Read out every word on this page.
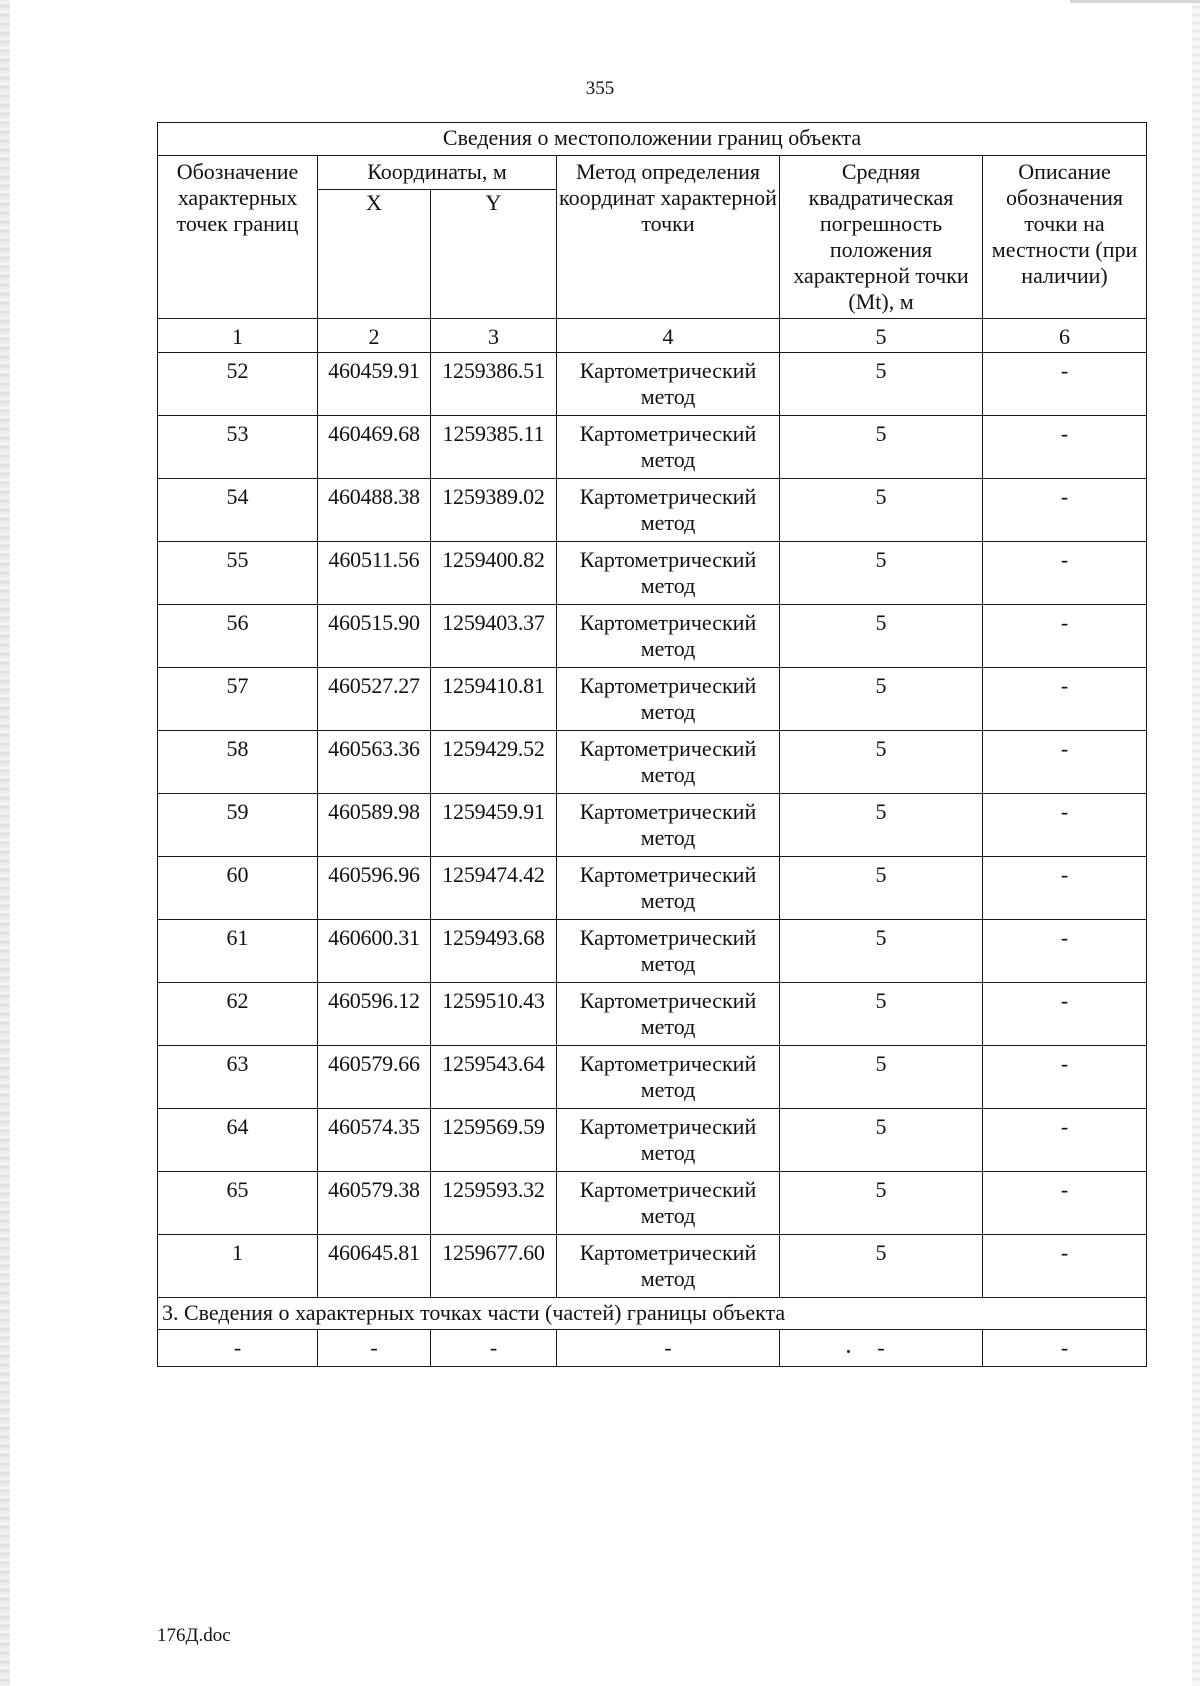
355
Сведения о местоположении границ объекта					
Обозначение характерных точек границ	Координаты, м		Метод определения координат характерной точки	Средняя квадратическая погрешность положения характерной точки (Mt), м	Описание обозначения точки на местности (при наличии)
	X	Y			
1	2	3	4	5	6
52	460459.91	1259386.51	Картометрический метод	5	-
53	460469.68	1259385.11	Картометрический метод	5	-
54	460488.38	1259389.02	Картометрический метод	5	-
55	460511.56	1259400.82	Картометрический метод	5	-
56	460515.90	1259403.37	Картометрический метод	5	-
57	460527.27	1259410.81	Картометрический метод	5	-
58	460563.36	1259429.52	Картометрический метод	5	-
59	460589.98	1259459.91	Картометрический метод	5	-
60	460596.96	1259474.42	Картометрический метод	5	-
61	460600.31	1259493.68	Картометрический метод	5	-
62	460596.12	1259510.43	Картометрический метод	5	-
63	460579.66	1259543.64	Картометрический метод	5	-
64	460574.35	1259569.59	Картометрический метод	5	-
65	460579.38	1259593.32	Картометрический метод	5	-
1	460645.81	1259677.60	Картометрический метод	5	-
3. Сведения о характерных точках части (частей) границы объекта					
-	-	-	-	-	-
176Д.doc
